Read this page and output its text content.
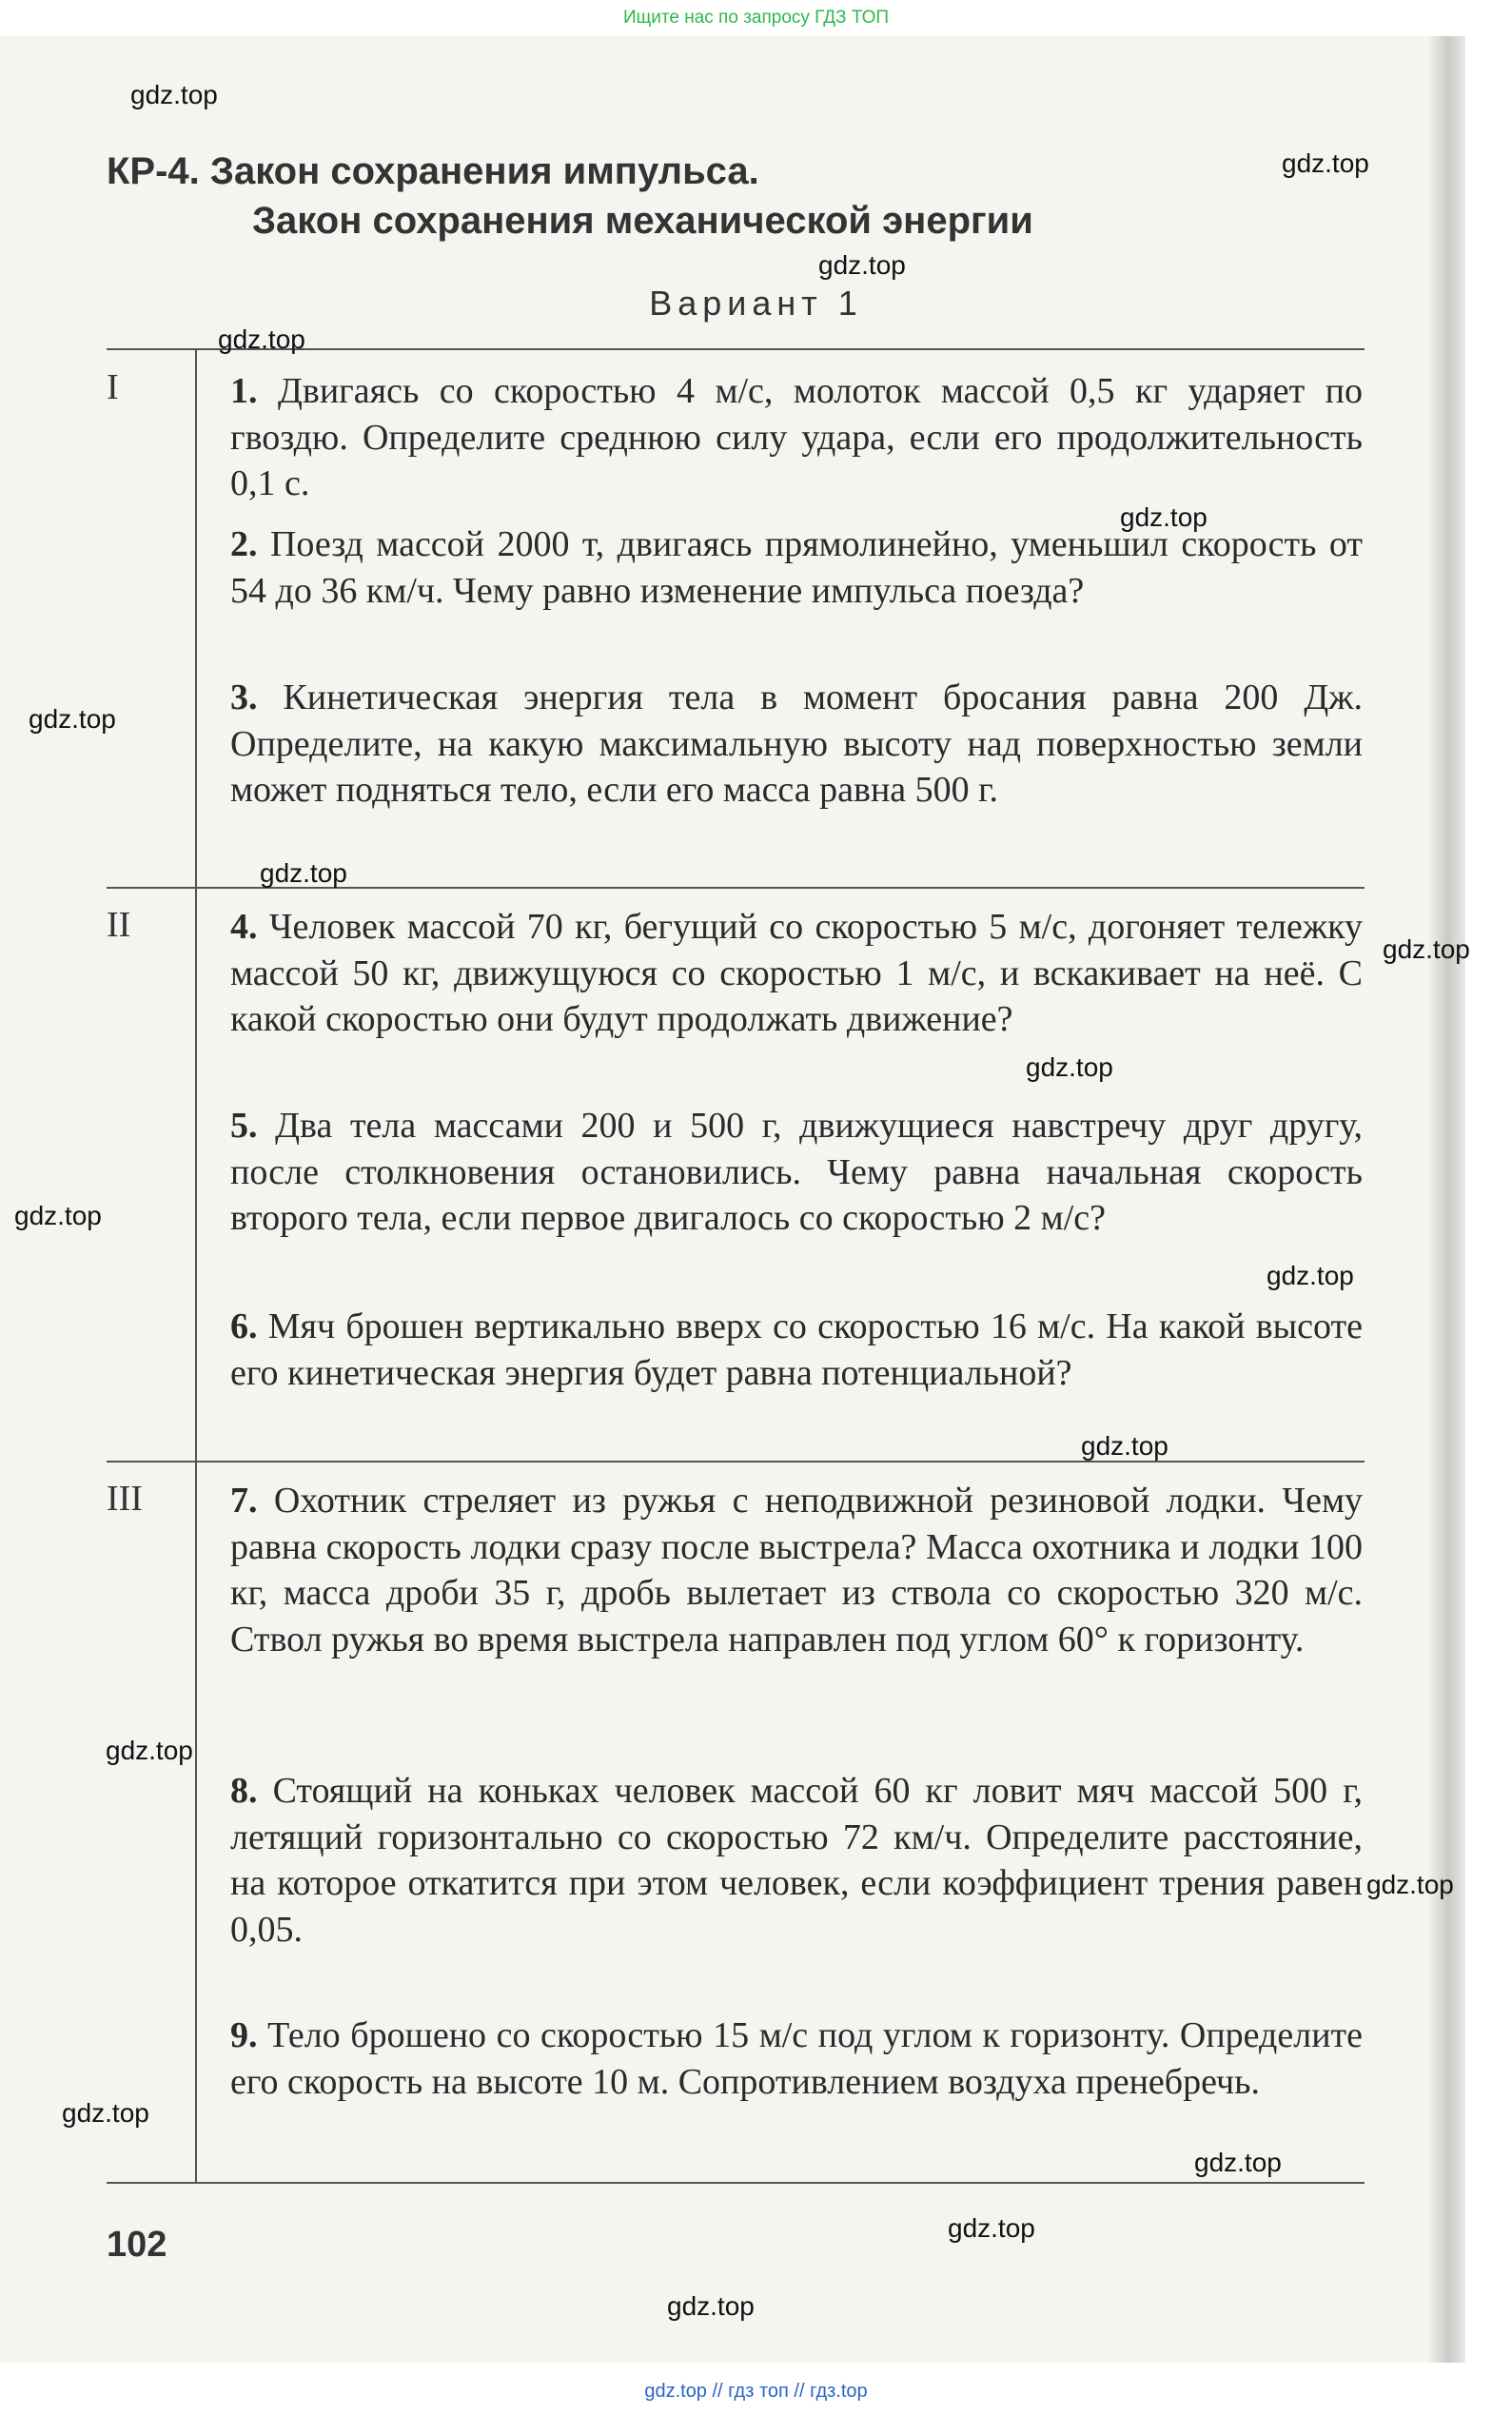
Ищите нас по запросу ГДЗ ТОП
КР-4. Закон сохранения импульса.
Закон сохранения механической энергии
Вариант 1
I
II
III
1. Двигаясь со скоростью 4 м/с, молоток массой 0,5 кг ударяет по гвоздю. Определите среднюю силу удара, если его продолжительность 0,1 с.
2. Поезд массой 2000 т, двигаясь прямолинейно, уменьшил скорость от 54 до 36 км/ч. Чему равно изменение импульса поезда?
3. Кинетическая энергия тела в момент бросания равна 200 Дж. Определите, на какую максимальную высоту над поверхностью земли может подняться тело, если его масса равна 500 г.
4. Человек массой 70 кг, бегущий со скоростью 5 м/с, догоняет тележку массой 50 кг, движущуюся со скоростью 1 м/с, и вскакивает на неё. С какой скоростью они будут продолжать движение?
5. Два тела массами 200 и 500 г, движущиеся навстречу друг другу, после столкновения остановились. Чему равна начальная скорость второго тела, если первое двигалось со скоростью 2 м/с?
6. Мяч брошен вертикально вверх со скоростью 16 м/с. На какой высоте его кинетическая энергия будет равна потенциальной?
7. Охотник стреляет из ружья с неподвижной резиновой лодки. Чему равна скорость лодки сразу после выстрела? Масса охотника и лодки 100 кг, масса дроби 35 г, дробь вылетает из ствола со скоростью 320 м/с. Ствол ружья во время выстрела направлен под углом 60° к горизонту.
8. Стоящий на коньках человек массой 60 кг ловит мяч массой 500 г, летящий горизонтально со скоростью 72 км/ч. Определите расстояние, на которое откатится при этом человек, если коэффициент трения равен 0,05.
9. Тело брошено со скоростью 15 м/с под углом к горизонту. Определите его скорость на высоте 10 м. Сопротивлением воздуха пренебречь.
102
gdz.top
gdz.top
gdz.top
gdz.top
gdz.top
gdz.top
gdz.top
gdz.top
gdz.top
gdz.top
gdz.top
gdz.top
gdz.top
gdz.top
gdz.top
gdz.top
gdz.top
gdz.top
gdz.top // гдз топ // гдз.top
